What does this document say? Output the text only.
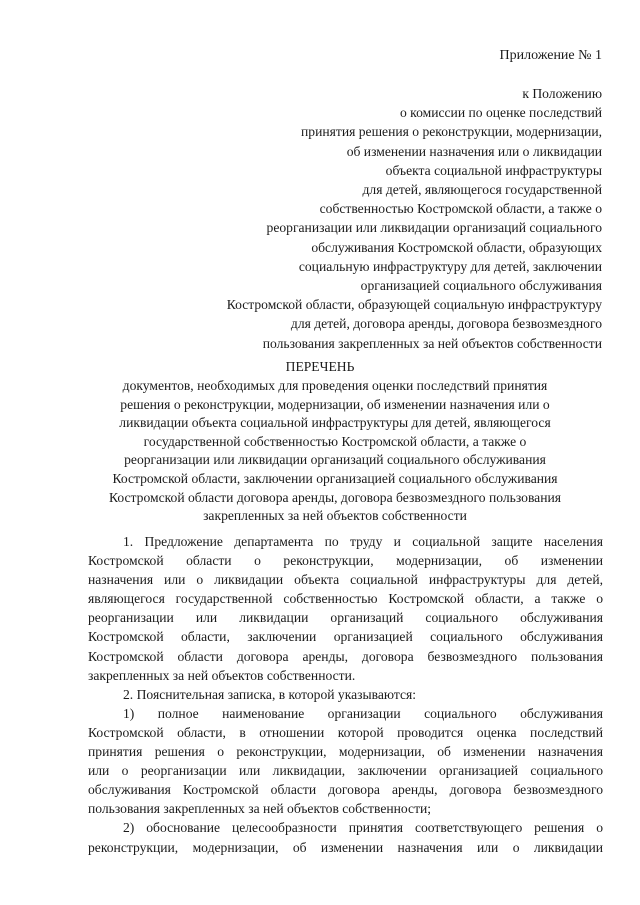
Приложение № 1
к Положению
о комиссии по оценке последствий
принятия решения о реконструкции, модернизации,
об изменении назначения или о ликвидации
объекта социальной инфраструктуры
для детей, являющегося государственной
собственностью Костромской области, а также о
реорганизации или ликвидации организаций социального
обслуживания Костромской области, образующих
социальную инфраструктуру для детей, заключении
организацией социального обслуживания
Костромской области, образующей социальную инфраструктуру
для детей, договора аренды, договора безвозмездного
пользования закрепленных за ней объектов собственности
ПЕРЕЧЕНЬ
документов, необходимых для проведения оценки последствий принятия
решения о реконструкции, модернизации, об изменении назначения или о
ликвидации объекта социальной инфраструктуры для детей, являющегося
государственной собственностью Костромской области, а также о
реорганизации или ликвидации организаций социального обслуживания
Костромской области, заключении организацией социального обслуживания
Костромской области договора аренды, договора безвозмездного пользования
закрепленных за ней объектов собственности
1. Предложение департамента по труду и социальной защите населения
Костромской области о реконструкции, модернизации, об изменении
назначения или о ликвидации объекта социальной инфраструктуры для детей,
являющегося государственной собственностью Костромской области, а также о
реорганизации или ликвидации организаций социального обслуживания
Костромской области, заключении организацией социального обслуживания
Костромской области договора аренды, договора безвозмездного пользования
закрепленных за ней объектов собственности.
2. Пояснительная записка, в которой указываются:
1) полное наименование организации социального обслуживания
Костромской области, в отношении которой проводится оценка последствий
принятия решения о реконструкции, модернизации, об изменении назначения
или о реорганизации или ликвидации, заключении организацией социального
обслуживания Костромской области договора аренды, договора безвозмездного
пользования закрепленных за ней объектов собственности;
2) обоснование целесообразности принятия соответствующего решения о
реконструкции, модернизации, об изменении назначения или о ликвидации
